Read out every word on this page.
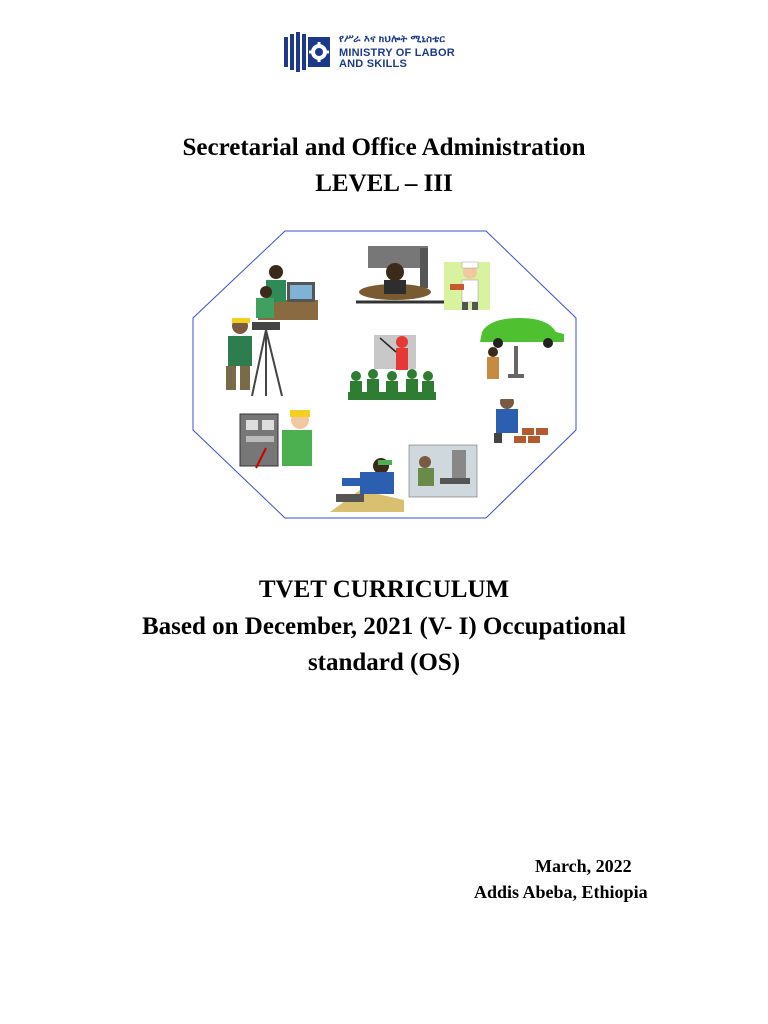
የሥራ እና ክህሎት ሚኒስቴር
MINISTRY OF LABOR
AND SKILLS
Secretarial and Office Administration
LEVEL – III
TVET CURRICULUM
Based on December, 2021 (V- I) Occupational
standard (OS)
March, 2022
Addis Abeba, Ethiopia
